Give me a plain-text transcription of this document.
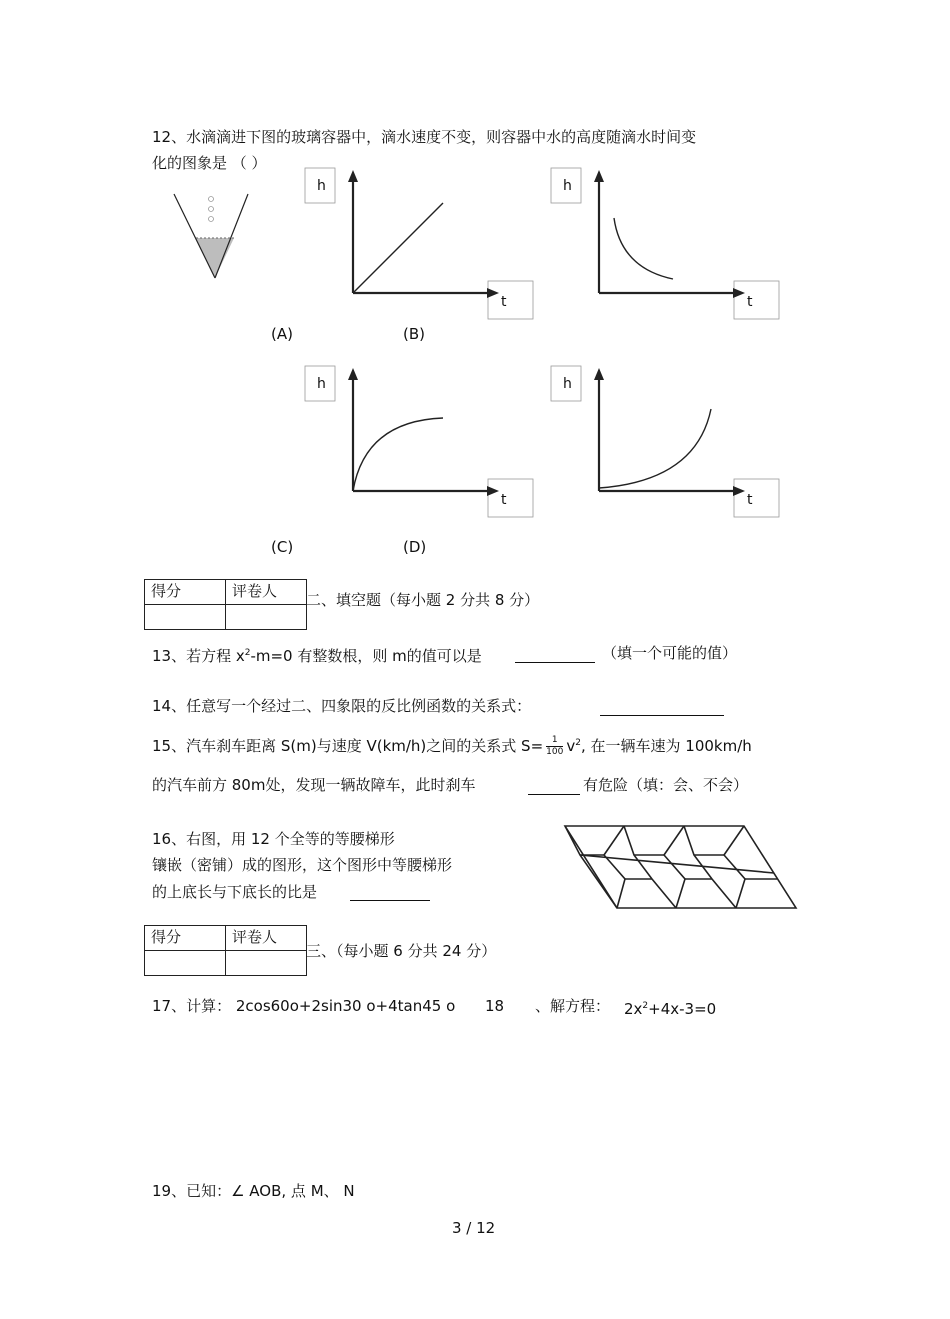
12、水滴滴进下图的玻璃容器中，滴水速度不变，则容器中水的高度随滴水时间变
化的图象是 （ ）
h
t
h
t
(A)	(B)
h
t
h
t
(C)	(D)
得分	评卷人
	二、填空题（每小题 2 分共 8 分）
13、若方程 $x^2-m=0$ 有整数根，则 m的值可以是	（填一个可能的值）
14、任意写一个经过二、四象限的反比例函数的关系式：
15、汽车刹车距离 S(m)与速度 V(km/h)之间的关系式 $S= \frac{1}{100} v^2$, 在一辆车速为 100km/h
的汽车前方 80m处，发现一辆故障车，此时刹车	有危险（填：会、不会）
16、右图，用 12 个全等的等腰梯形
镶嵌（密铺）成的图形，这个图形中等腰梯形
的上底长与下底长的比是
得分	评卷人

三、（每小题 6 分共 24 分）
17、计算： 2cos60o+2sin30 o+4tan45 o 18 、解方程： $2x^2+4x-3=0$
19、已知：∠ AOB, 点 M、 N
3 / 12
